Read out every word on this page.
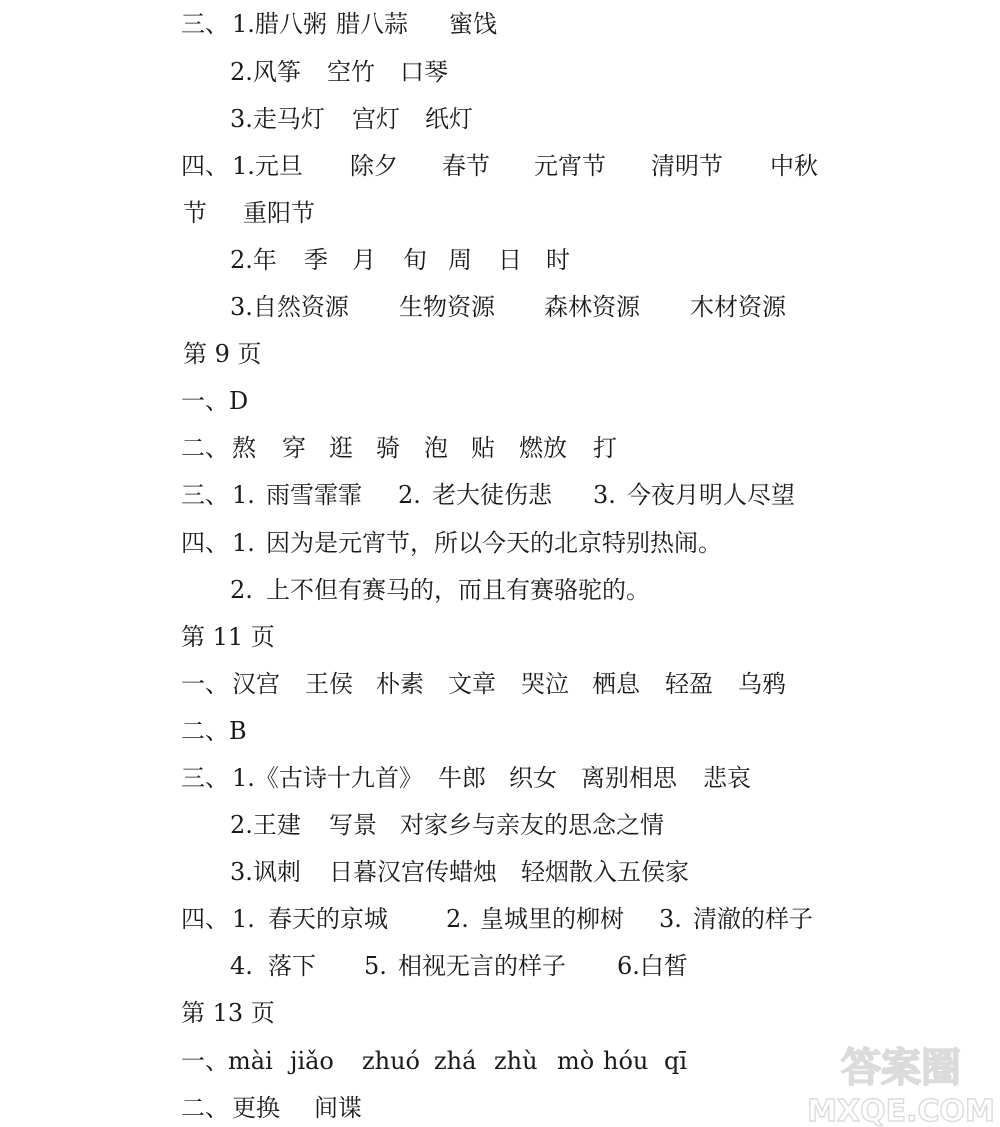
三、 1.腊八粥 腊八蒜 蜜饯
2.风筝 空竹 口琴
3.走马灯 宫灯 纸灯
四、 1.元旦 除夕 春节 元宵节 清明节 中秋
节 重阳节
2.年 季 月 旬 周 日 时
3.自然资源 生物资源 森林资源 木材资源
第 9 页
一、D
二、 熬 穿 逛 骑 泡 贴 燃放 打
三、 1. 雨雪霏霏 2. 老大徒伤悲 3. 今夜月明人尽望
四、 1. 因为是元宵节，所以今天的北京特别热闹。
2. 上不但有赛马的，而且有赛骆驼的。
第 11 页
一、 汉宫 王侯 朴素 文章 哭泣 栖息 轻盈 乌鸦
二、B
三、 1.《古诗十九首》 牛郎 织女 离别相思 悲哀
2.王建 写景 对家乡与亲友的思念之情
3.讽刺 日暮汉宫传蜡烛 轻烟散入五侯家
四、 1. 春天的京城 2. 皇城里的柳树 3. 清澈的样子
4. 落下 5. 相视无言的样子 6.白皙
第 13 页
一、 mài jiǎo zhuó zhá zhù mò hóu qī
二、 更换 间谍
答案圈
MXQE.COM
